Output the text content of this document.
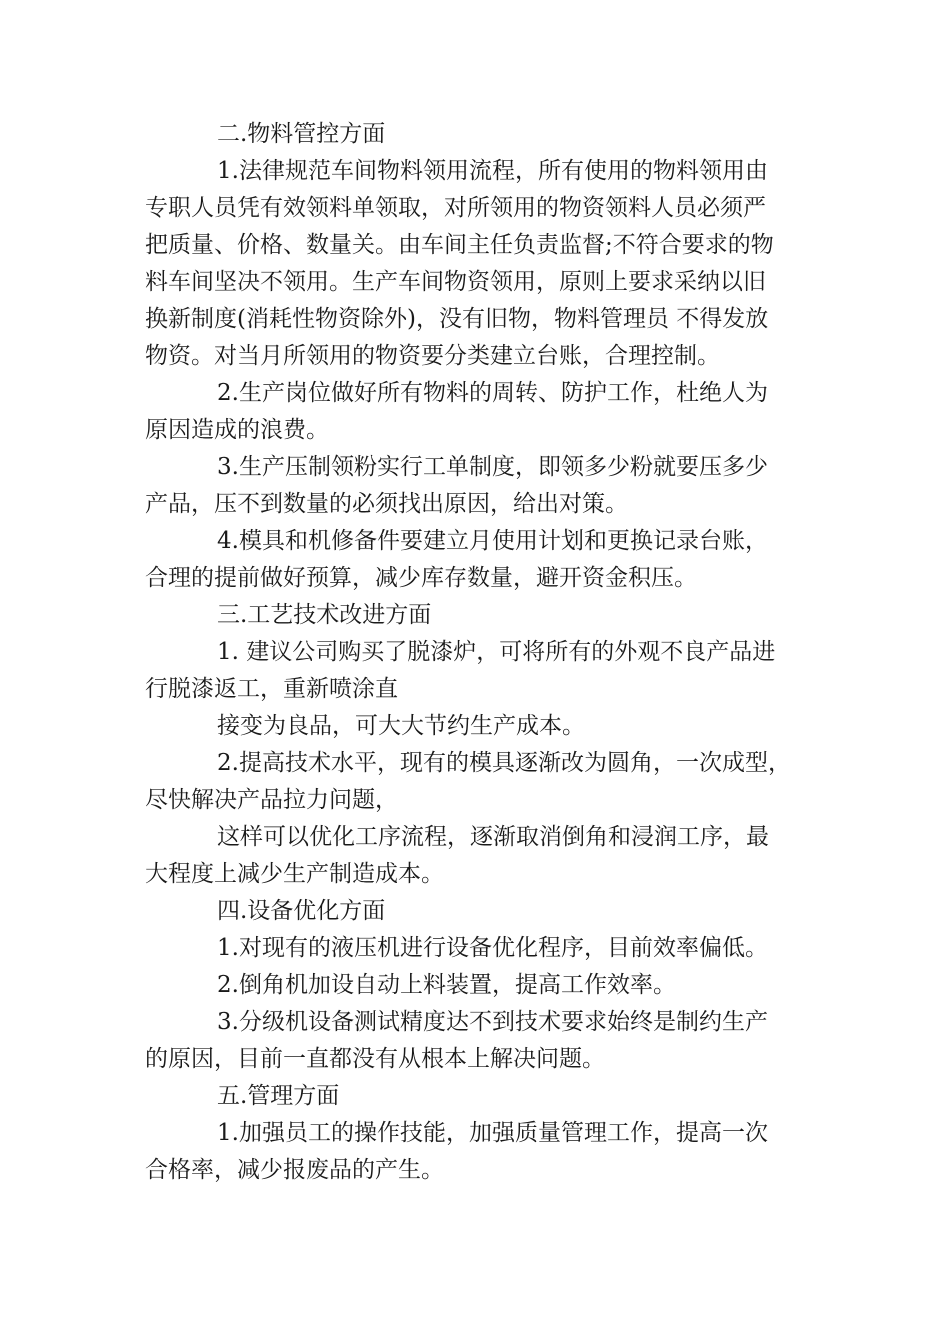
二.物料管控方面
1.法律规范车间物料领用流程，所有使用的物料领用由
专职人员凭有效领料单领取，对所领用的物资领料人员必须严
把质量、价格、数量关。由车间主任负责监督;不符合要求的物
料车间坚决不领用。生产车间物资领用，原则上要求采纳以旧
换新制度(消耗性物资除外)，没有旧物，物料管理员 不得发放
物资。对当月所领用的物资要分类建立台账，合理控制。
2.生产岗位做好所有物料的周转、防护工作，杜绝人为
原因造成的浪费。
3.生产压制领粉实行工单制度，即领多少粉就要压多少
产品，压不到数量的必须找出原因，给出对策。
4.模具和机修备件要建立月使用计划和更换记录台账，
合理的提前做好预算，减少库存数量，避开资金积压。
三.工艺技术改进方面
1. 建议公司购买了脱漆炉，可将所有的外观不良产品进
行脱漆返工，重新喷涂直
接变为良品，可大大节约生产成本。
2.提高技术水平，现有的模具逐渐改为圆角，一次成型，
尽快解决产品拉力问题，
这样可以优化工序流程，逐渐取消倒角和浸润工序，最
大程度上减少生产制造成本。
四.设备优化方面
1.对现有的液压机进行设备优化程序，目前效率偏低。
2.倒角机加设自动上料装置，提高工作效率。
3.分级机设备测试精度达不到技术要求始终是制约生产
的原因，目前一直都没有从根本上解决问题。
五.管理方面
1.加强员工的操作技能，加强质量管理工作，提高一次
合格率，减少报废品的产生。
